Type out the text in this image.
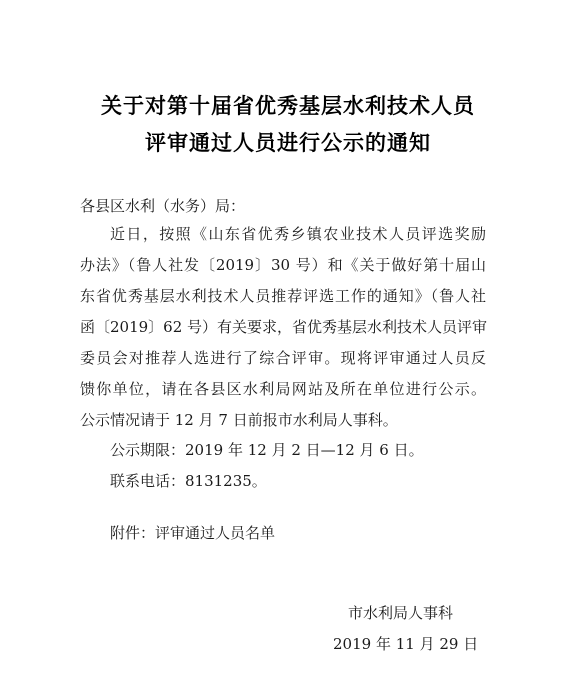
关于对第十届省优秀基层水利技术人员
评审通过人员进行公示的通知
各县区水利（水务）局：
近日，按照《山东省优秀乡镇农业技术人员评选奖励
办法》（鲁人社发〔2019〕30 号）和《关于做好第十届山
东省优秀基层水利技术人员推荐评选工作的通知》（鲁人社
函〔2019〕62 号）有关要求，省优秀基层水利技术人员评审
委员会对推荐人选进行了综合评审。现将评审通过人员反
馈你单位，请在各县区水利局网站及所在单位进行公示。
公示情况请于 12 月 7 日前报市水利局人事科。
公示期限：2019 年 12 月 2 日—12 月 6 日。
联系电话：8131235。
附件：评审通过人员名单
市水利局人事科
2019 年 11 月 29 日
